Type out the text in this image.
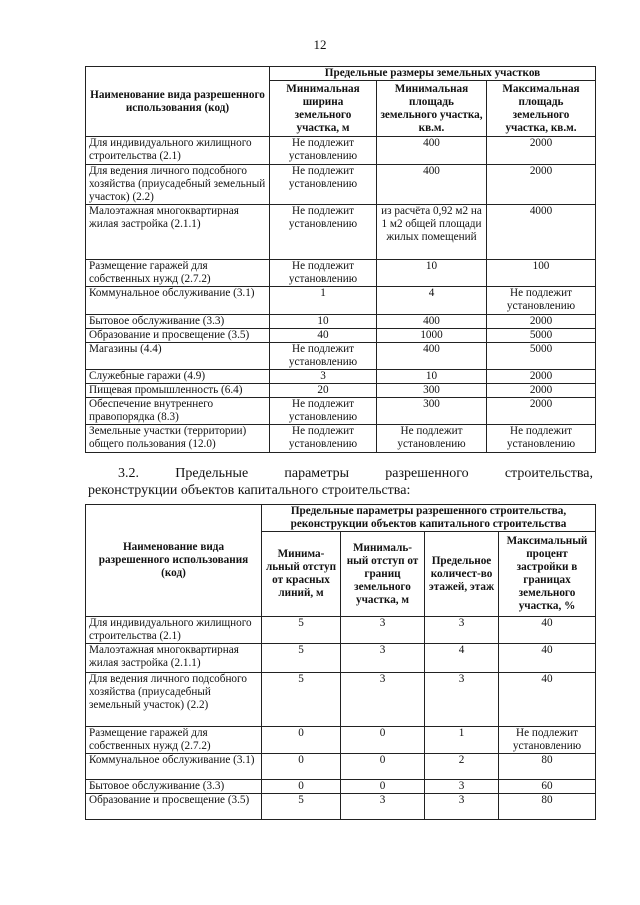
12
Наименование вида разрешенного использования (код)	Предельные размеры земельных участков		
	Минимальная ширина земельного участка, м	Минимальная площадь земельного участка, кв.м.	Максимальная площадь земельного участка, кв.м.
Для индивидуального жилищного строительства (2.1)	Не подлежит установлению	400	2000
Для ведения личного подсобного хозяйства (приусадебный земельный участок) (2.2)	Не подлежит установлению	400	2000
Малоэтажная многоквартирная жилая застройка (2.1.1)	Не подлежит установлению	из расчёта 0,92 м2 на 1 м2 общей площади жилых помещений	4000
Размещение гаражей для собственных нужд (2.7.2)	Не подлежит установлению	10	100
Коммунальное обслуживание (3.1)	1	4	Не подлежит установлению
Бытовое обслуживание (3.3)	10	400	2000
Образование и просвещение (3.5)	40	1000	5000
Магазины (4.4)	Не подлежит установлению	400	5000
Служебные гаражи (4.9)	3	10	2000
Пищевая промышленность (6.4)	20	300	2000
Обеспечение внутреннего правопорядка (8.3)	Не подлежит установлению	300	2000
Земельные участки (территории) общего пользования (12.0)	Не подлежит установлению	Не подлежит установлению	Не подлежит установлению
3.2.	Предельные	параметры	разрешенного	строительства,
реконструкции объектов капитального строительства:
Наименование вида разрешенного использования (код)	Предельные параметры разрешенного строительства, реконструкции объектов капитального строительства			
	Минима-льный отступ от красных линий, м	Минималь-ный отступ от границ земельного участка, м	Предельное количест-во этажей, этаж	Максимальный процент застройки в границах земельного участка, %
Для индивидуального жилищного строительства (2.1)	5	3	3	40
Малоэтажная многоквартирная жилая застройка (2.1.1)	5	3	4	40
Для ведения личного подсобного хозяйства (приусадебный земельный участок) (2.2)	5	3	3	40
Размещение гаражей для собственных нужд (2.7.2)	0	0	1	Не подлежит установлению
Коммунальное обслуживание (3.1)	0	0	2	80
Бытовое обслуживание (3.3)	0	0	3	60
Образование и просвещение (3.5)	5	3	3	80
